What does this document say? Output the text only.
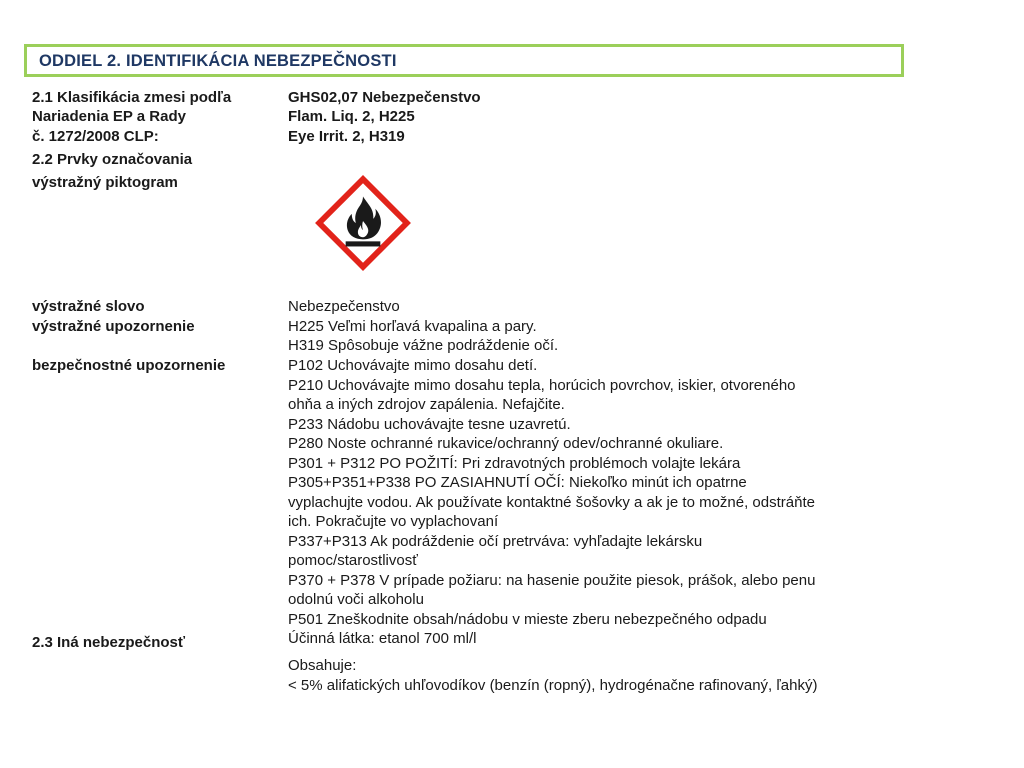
ODDIEL 2. IDENTIFIKÁCIA NEBEZPEČNOSTI
2.1 Klasifikácia zmesi podľa
Nariadenia EP a Rady
č. 1272/2008 CLP:
GHS02,07 Nebezpečenstvo
Flam. Liq. 2, H225
Eye Irrit. 2, H319
2.2 Prvky označovania
výstražný piktogram
výstražné slovo	Nebezpečenstvo
výstražné upozornenie	H225 Veľmi horľavá kvapalina a pary.
H319 Spôsobuje vážne podráždenie očí.
bezpečnostné upozornenie	P102 Uchovávajte mimo dosahu detí.
P210 Uchovávajte mimo dosahu tepla, horúcich povrchov, iskier, otvoreného
ohňa a iných zdrojov zapálenia. Nefajčite.
P233 Nádobu uchovávajte tesne uzavretú.
P280 Noste ochranné rukavice/ochranný odev/ochranné okuliare.
P301 + P312 PO POŽITÍ: Pri zdravotných problémoch volajte lekára
P305+P351+P338 PO ZASIAHNUTÍ OČÍ: Niekoľko minút ich opatrne
vyplachujte vodou. Ak používate kontaktné šošovky a ak je to možné, odstráňte
ich. Pokračujte vo vyplachovaní
P337+P313 Ak podráždenie očí pretrváva: vyhľadajte lekársku
pomoc/starostlivosť
P370 + P378 V prípade požiaru: na hasenie použite piesok, prášok, alebo penu
odolnú voči alkoholu
P501 Zneškodnite obsah/nádobu v mieste zberu nebezpečného odpadu
2.3 Iná nebezpečnosť	Účinná látka: etanol 700 ml/l
Obsahuje:
< 5% alifatických uhľovodíkov (benzín (ropný), hydrogénačne rafinovaný, ľahký)
